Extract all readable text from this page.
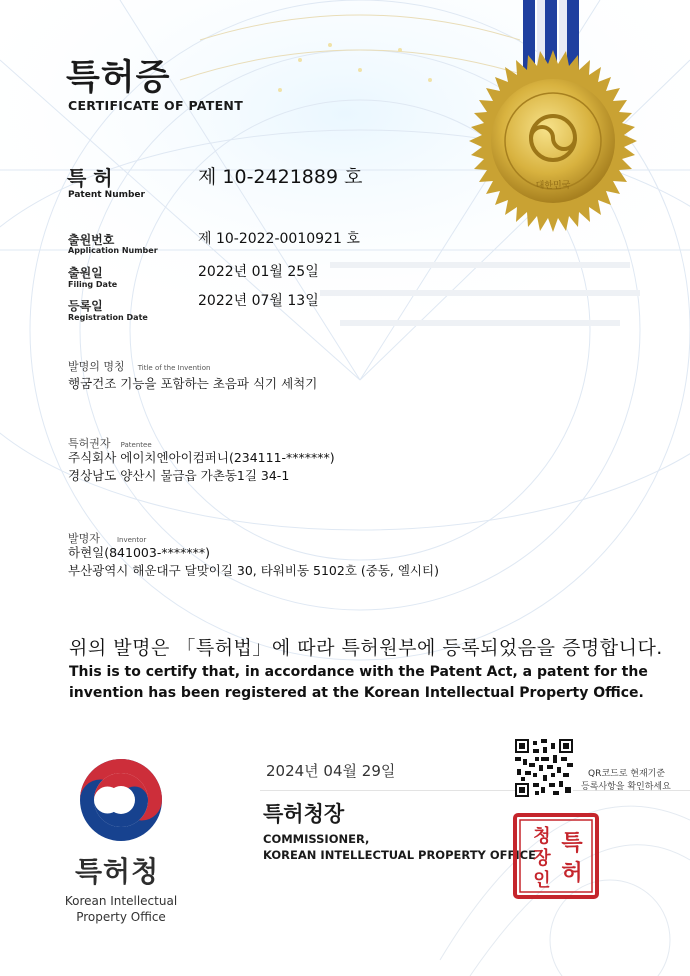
대한민국
특허증
CERTIFICATE OF PATENT
특 허
Patent Number
제 10-2421889 호
출원번호
Application Number
제 10-2022-0010921 호
출원일
Filing Date
2022년 01월 25일
등록일
Registration Date
2022년 07월 13일
발명의 명칭 Title of the Invention
행굼건조 기능을 포함하는 초음파 식기 세척기
특허권자 Patentee
주식회사 에이치엔아이컴퍼니(234111-*******)
경상남도 양산시 물금읍 가촌동1길 34-1
발명자 Inventor
하현일(841003-*******)
부산광역시 해운대구 달맞이길 30, 타워비동 5102호 (중동, 엘시티)
위의 발명은 「특허법」에 따라 특허원부에 등록되었음을 증명합니다.
This is to certify that, in accordance with the Patent Act, a patent for the
invention has been registered at the Korean Intellectual Property Office.
2024년 04월 29일
특허청장
COMMISSIONER,
KOREAN INTELLECTUAL PROPERTY OFFICE
QR코드로 현재기준
등록사항을 확인하세요
특
허
청
장
인
특허청
Korean Intellectual
Property Office
